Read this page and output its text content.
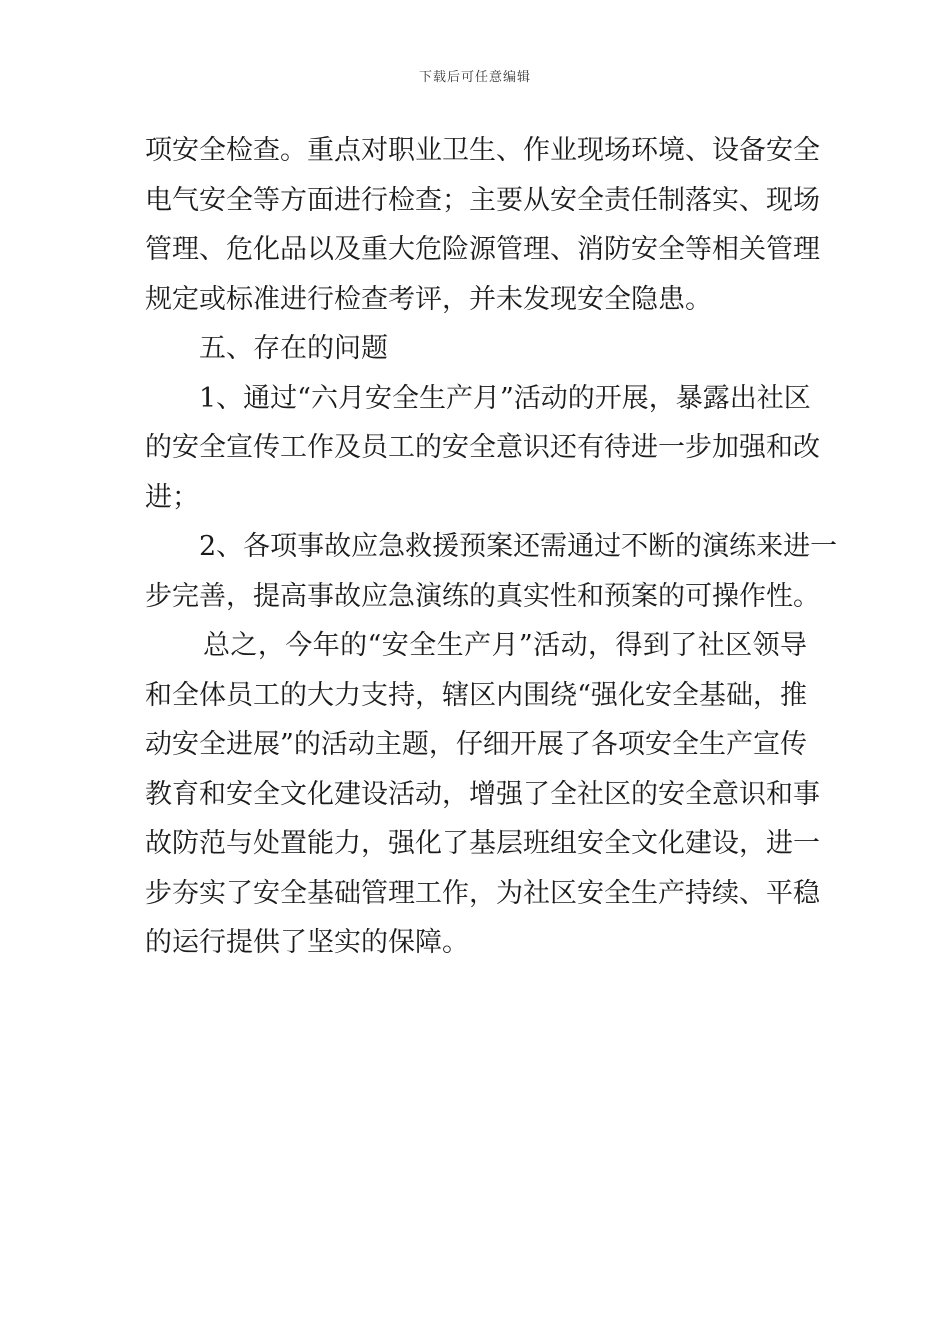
下载后可任意编辑
项安全检查。重点对职业卫生、作业现场环境、设备安全
电气安全等方面进行检查；主要从安全责任制落实、现场
管理、危化品以及重大危险源管理、消防安全等相关管理
规定或标准进行检查考评，并未发现安全隐患。
五、存在的问题
1、通过“六月安全生产月”活动的开展，暴露出社区
的安全宣传工作及员工的安全意识还有待进一步加强和改
进；
2、各项事故应急救援预案还需通过不断的演练来进一
步完善，提高事故应急演练的真实性和预案的可操作性。
总之，今年的“安全生产月”活动，得到了社区领导
和全体员工的大力支持，辖区内围绕“强化安全基础，推
动安全进展”的活动主题，仔细开展了各项安全生产宣传
教育和安全文化建设活动，增强了全社区的安全意识和事
故防范与处置能力，强化了基层班组安全文化建设，进一
步夯实了安全基础管理工作，为社区安全生产持续、平稳
的运行提供了坚实的保障。
